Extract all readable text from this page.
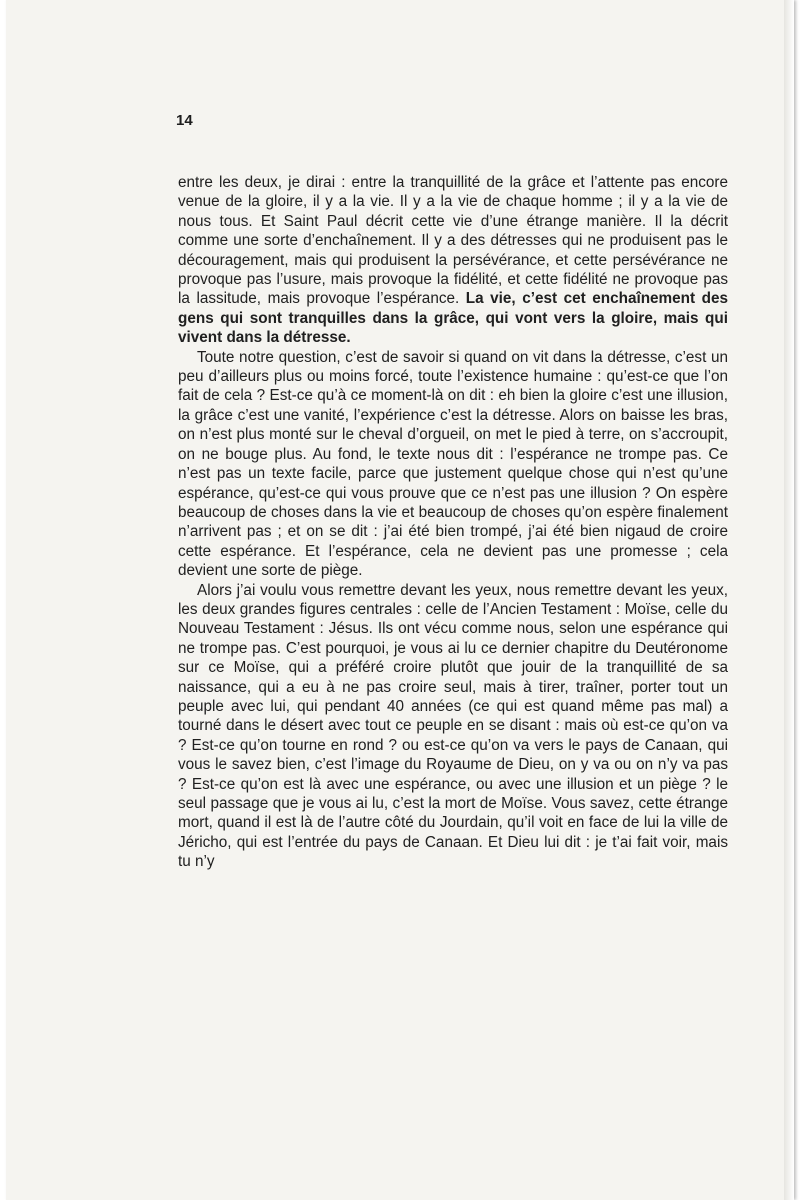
14

entre les deux, je dirai : entre la tranquillité de la grâce et l’attente pas encore venue de la gloire, il y a la vie. Il y a la vie de chaque homme ; il y a la vie de nous tous. Et Saint Paul décrit cette vie d’une étrange manière. Il la décrit comme une sorte d’enchaînement. Il y a des détresses qui ne produisent pas le découragement, mais qui produisent la persévérance, et cette persévérance ne provoque pas l’usure, mais provoque la fidélité, et cette fidélité ne provoque pas la lassitude, mais provoque l’espérance. La vie, c’est cet enchaînement des gens qui sont tranquilles dans la grâce, qui vont vers la gloire, mais qui vivent dans la détresse.

Toute notre question, c’est de savoir si quand on vit dans la détresse, c’est un peu d’ailleurs plus ou moins forcé, toute l’existence humaine : qu’est-ce que l’on fait de cela ? Est-ce qu’à ce moment-là on dit : eh bien la gloire c’est une illusion, la grâce c’est une vanité, l’expérience c’est la détresse. Alors on baisse les bras, on n’est plus monté sur le cheval d’orgueil, on met le pied à terre, on s’accroupit, on ne bouge plus. Au fond, le texte nous dit : l’espérance ne trompe pas. Ce n’est pas un texte facile, parce que justement quelque chose qui n’est qu’une espérance, qu’est-ce qui vous prouve que ce n’est pas une illusion ? On espère beaucoup de choses dans la vie et beaucoup de choses qu’on espère finalement n’arrivent pas ; et on se dit : j’ai été bien trompé, j’ai été bien nigaud de croire cette espérance. Et l’espérance, cela ne devient pas une promesse ; cela devient une sorte de piège.

Alors j’ai voulu vous remettre devant les yeux, nous remettre devant les yeux, les deux grandes figures centrales : celle de l’Ancien Testament : Moïse, celle du Nouveau Testament : Jésus. Ils ont vécu comme nous, selon une espérance qui ne trompe pas. C’est pourquoi, je vous ai lu ce dernier chapitre du Deutéronome sur ce Moïse, qui a préféré croire plutôt que jouir de la tranquillité de sa naissance, qui a eu à ne pas croire seul, mais à tirer, traîner, porter tout un peuple avec lui, qui pendant 40 années (ce qui est quand même pas mal) a tourné dans le désert avec tout ce peuple en se disant : mais où est-ce qu’on va ? Est-ce qu’on tourne en rond ? ou est-ce qu’on va vers le pays de Canaan, qui vous le savez bien, c’est l’image du Royaume de Dieu, on y va ou on n’y va pas ? Est-ce qu’on est là avec une espérance, ou avec une illusion et un piège ? le seul passage que je vous ai lu, c’est la mort de Moïse. Vous savez, cette étrange mort, quand il est là de l’autre côté du Jourdain, qu’il voit en face de lui la ville de Jéricho, qui est l’entrée du pays de Canaan. Et Dieu lui dit : je t’ai fait voir, mais tu n’y
